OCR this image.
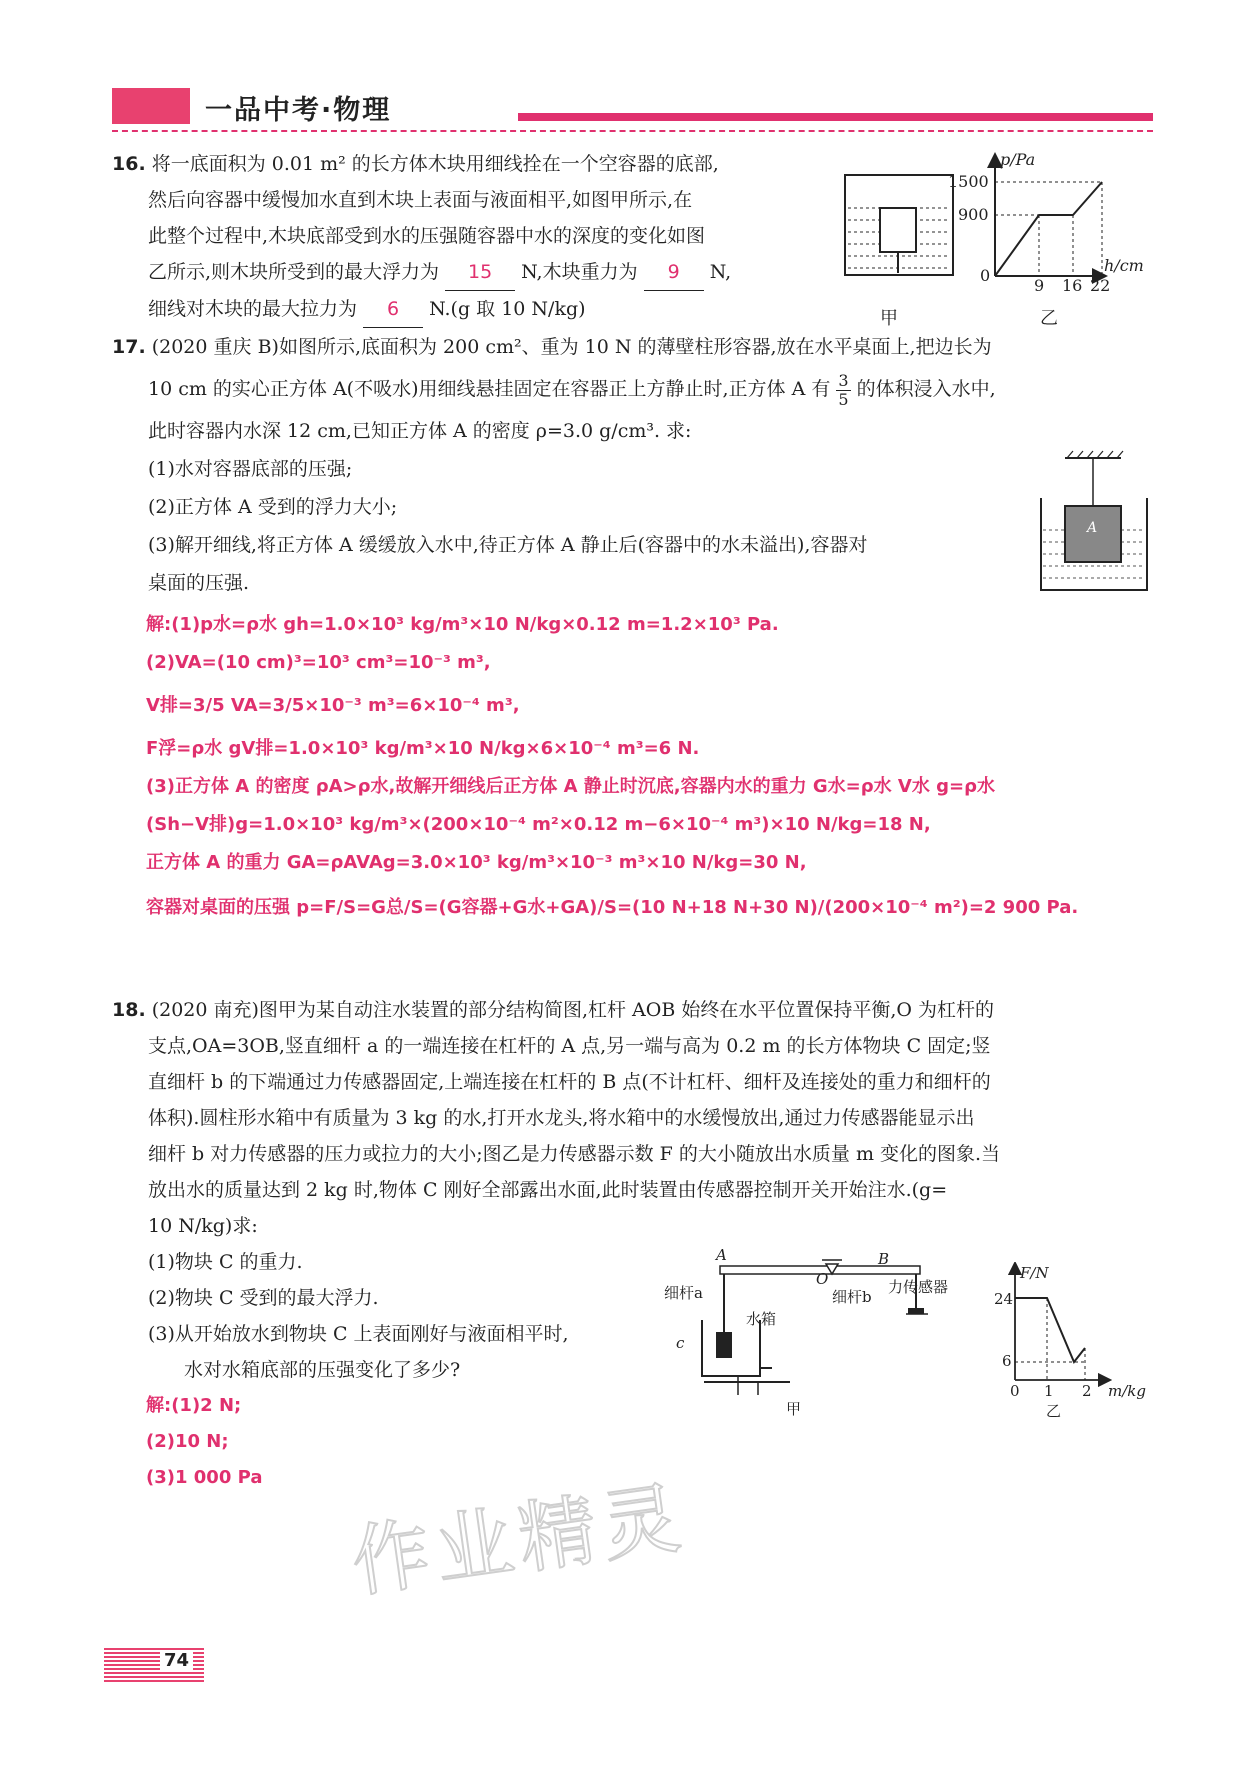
一品中考·物理
16. 将一底面积为 0.01 m² 的长方体木块用细线拴在一个空容器的底部,
然后向容器中缓慢加水直到木块上表面与液面相平,如图甲所示,在
此整个过程中,木块底部受到水的压强随容器中水的深度的变化如图
乙所示,则木块所受到的最大浮力为 15 N,木块重力为 9 N,
细线对木块的最大拉力为 6 N.(g 取 10 N/kg)	甲
p/Pa
1500
900
0
9 16 22
h/cm
乙
17. (2020 重庆 B)如图所示,底面积为 200 cm²、重为 10 N 的薄壁柱形容器,放在水平桌面上,把边长为
10 cm 的实心正方体 A(不吸水)用细线悬挂固定在容器正上方静止时,正方体 A 有 $\frac{3}{5}$ 的体积浸入水中,
此时容器内水深 12 cm,已知正方体 A 的密度 ρ=3.0 g/cm³. 求:
(1)水对容器底部的压强;
(2)正方体 A 受到的浮力大小;
(3)解开细线,将正方体 A 缓缓放入水中,待正方体 A 静止后(容器中的水未溢出),容器对
桌面的压强.
A
解:(1)p水=ρ水 gh=1.0×10³ kg/m³×10 N/kg×0.12 m=1.2×10³ Pa.
(2)VA=(10 cm)³=10³ cm³=10⁻³ m³,
V排=3/5 VA=3/5×10⁻³ m³=6×10⁻⁴ m³,
F浮=ρ水 gV排=1.0×10³ kg/m³×10 N/kg×6×10⁻⁴ m³=6 N.
(3)正方体 A 的密度 ρA>ρ水,故解开细线后正方体 A 静止时沉底,容器内水的重力 G水=ρ水 V水 g=ρ水
(Sh−V排)g=1.0×10³ kg/m³×(200×10⁻⁴ m²×0.12 m−6×10⁻⁴ m³)×10 N/kg=18 N,
正方体 A 的重力 GA=ρAVAg=3.0×10³ kg/m³×10⁻³ m³×10 N/kg=30 N,
容器对桌面的压强 p=F/S=G总/S=(G容器+G水+GA)/S=(10 N+18 N+30 N)/(200×10⁻⁴ m²)=2 900 Pa.
18. (2020 南充)图甲为某自动注水装置的部分结构简图,杠杆 AOB 始终在水平位置保持平衡,O 为杠杆的
支点,OA=3OB,竖直细杆 a 的一端连接在杠杆的 A 点,另一端与高为 0.2 m 的长方体物块 C 固定;竖
直细杆 b 的下端通过力传感器固定,上端连接在杠杆的 B 点(不计杠杆、细杆及连接处的重力和细杆的
体积).圆柱形水箱中有质量为 3 kg 的水,打开水龙头,将水箱中的水缓慢放出,通过力传感器能显示出
细杆 b 对力传感器的压力或拉力的大小;图乙是力传感器示数 F 的大小随放出水质量 m 变化的图象.当
放出水的质量达到 2 kg 时,物体 C 刚好全部露出水面,此时装置由传感器控制开关开始注水.(g=
10 N/kg)求:
(1)物块 C 的重力.
(2)物块 C 受到的最大浮力.
(3)从开始放水到物块 C 上表面刚好与液面相平时,
水对水箱底部的压强变化了多少?
A	B
O
细杆a	细杆b
力传感器
水箱
c
甲
F/N
24
6
0 1 2 m/kg
乙
解:(1)2 N;
(2)10 N;
(3)1 000 Pa 作业精灵
74
